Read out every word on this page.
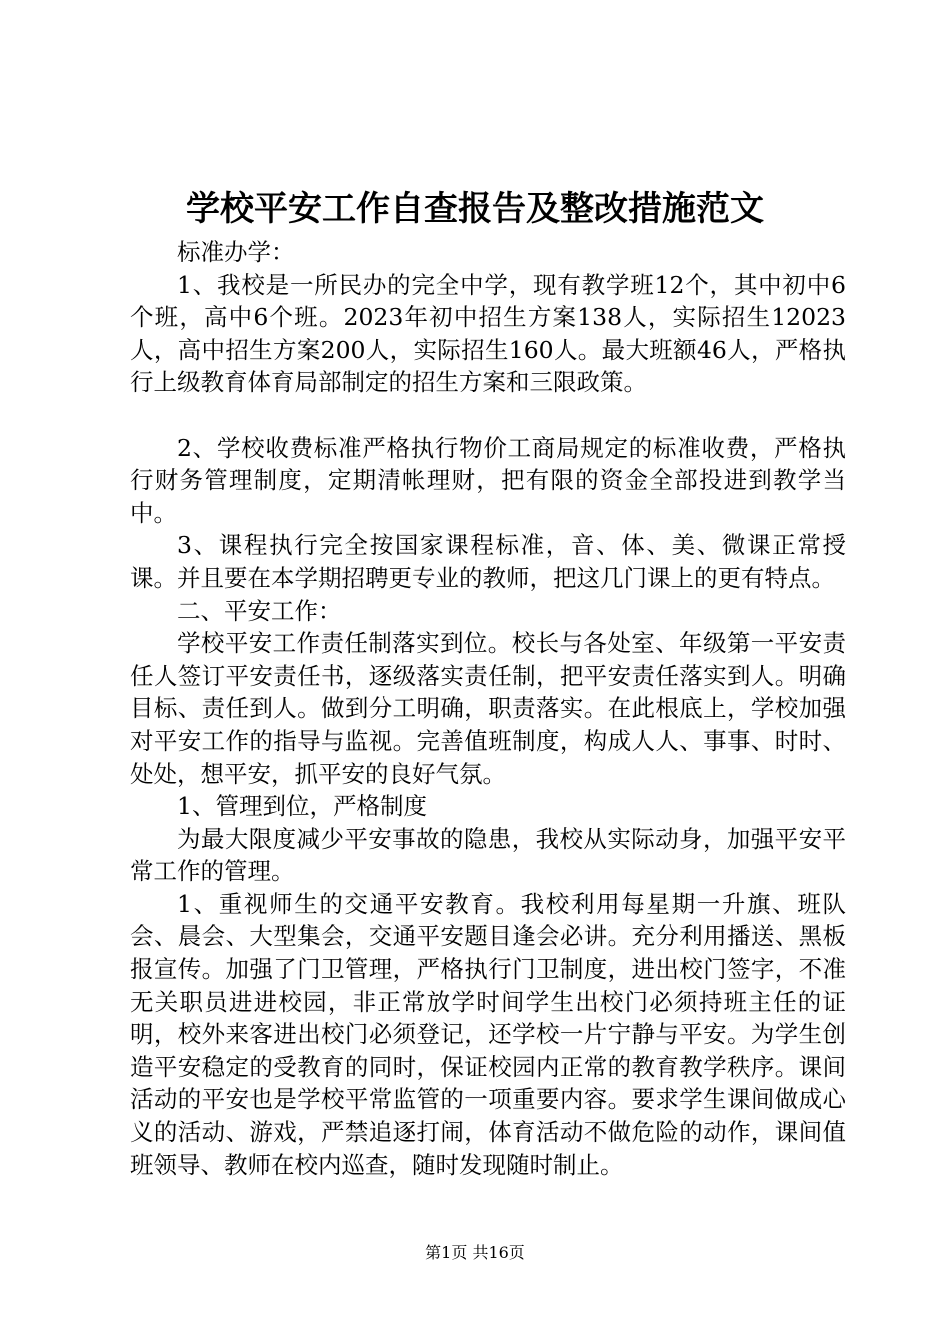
学校平安工作自查报告及整改措施范文

标准办学：

1、我校是一所民办的完全中学，现有教学班12个，其中初中6个班，高中6个班。2023年初中招生方案138人，实际招生12023人，高中招生方案200人，实际招生160人。最大班额46人，严格执行上级教育体育局部制定的招生方案和三限政策。

2、学校收费标准严格执行物价工商局规定的标准收费，严格执行财务管理制度，定期清帐理财，把有限的资金全部投进到教学当中。

3、课程执行完全按国家课程标准，音、体、美、微课正常授课。并且要在本学期招聘更专业的教师，把这几门课上的更有特点。

二、平安工作：

学校平安工作责任制落实到位。校长与各处室、年级第一平安责任人签订平安责任书，逐级落实责任制，把平安责任落实到人。明确目标、责任到人。做到分工明确，职责落实。在此根底上，学校加强对平安工作的指导与监视。完善值班制度，构成人人、事事、时时、处处，想平安，抓平安的良好气氛。

1、管理到位，严格制度

为最大限度减少平安事故的隐患，我校从实际动身，加强平安平常工作的管理。

1、重视师生的交通平安教育。我校利用每星期一升旗、班队会、晨会、大型集会，交通平安题目逢会必讲。充分利用播送、黑板报宣传。加强了门卫管理，严格执行门卫制度，进出校门签字，不准无关职员进进校园，非正常放学时间学生出校门必须持班主任的证明，校外来客进出校门必须登记，还学校一片宁静与平安。为学生创造平安稳定的受教育的同时，保证校园内正常的教育教学秩序。课间活动的平安也是学校平常监管的一项重要内容。要求学生课间做成心义的活动、游戏，严禁追逐打闹，体育活动不做危险的动作，课间值班领导、教师在校内巡查，随时发现随时制止。

第1页 共16页
